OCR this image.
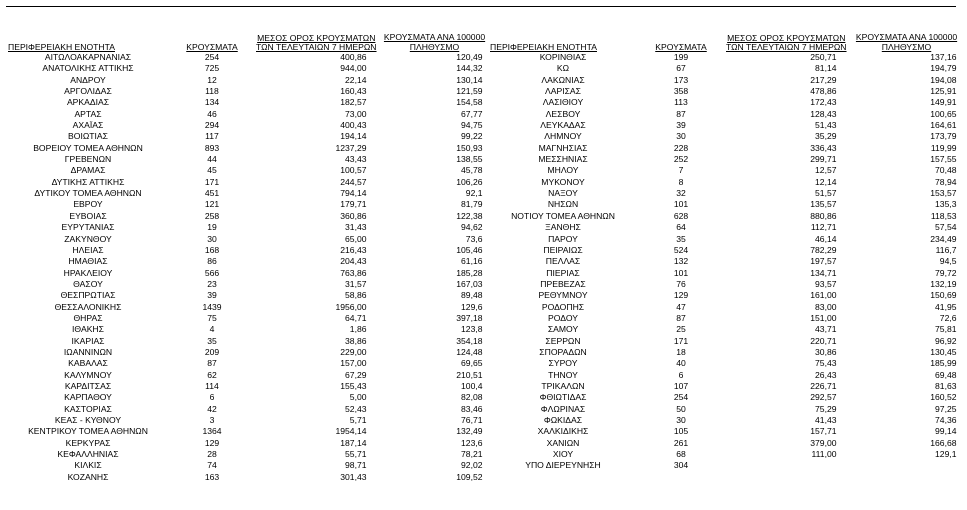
ΠΕΡΙΦΕΡΕΙΑΚΗ ΕΝΟΤΗΤΑ	ΚΡΟΥΣΜΑΤΑ	ΜΕΣΟΣ ΟΡΟΣ ΚΡΟΥΣΜΑΤΩΝ
ΤΩΝ ΤΕΛΕΥΤΑΙΩΝ 7 ΗΜΕΡΩΝ	ΚΡΟΥΣΜΑΤΑ ΑΝΑ 100000
ΠΛΗΘΥΣΜΟ
ΑΙΤΩΛΟΑΚΑΡΝΑΝΙΑΣ	254	400,86	120,49
ΑΝΑΤΟΛΙΚΗΣ ΑΤΤΙΚΗΣ	725	944,00	144,32
ΑΝΔΡΟΥ	12	22,14	130,14
ΑΡΓΟΛΙΔΑΣ	118	160,43	121,59
ΑΡΚΑΔΙΑΣ	134	182,57	154,58
ΑΡΤΑΣ	46	73,00	67,77
ΑΧΑΪΑΣ	294	400,43	94,75
ΒΟΙΩΤΙΑΣ	117	194,14	99,22
ΒΟΡΕΙΟΥ ΤΟΜΕΑ ΑΘΗΝΩΝ	893	1237,29	150,93
ΓΡΕΒΕΝΩΝ	44	43,43	138,55
ΔΡΑΜΑΣ	45	100,57	45,78
ΔΥΤΙΚΗΣ ΑΤΤΙΚΗΣ	171	244,57	106,26
ΔΥΤΙΚΟΥ ΤΟΜΕΑ ΑΘΗΝΩΝ	451	794,14	92,1
ΕΒΡΟΥ	121	179,71	81,79
ΕΥΒΟΙΑΣ	258	360,86	122,38
ΕΥΡΥΤΑΝΙΑΣ	19	31,43	94,62
ΖΑΚΥΝΘΟΥ	30	65,00	73,6
ΗΛΕΙΑΣ	168	216,43	105,46
ΗΜΑΘΙΑΣ	86	204,43	61,16
ΗΡΑΚΛΕΙΟΥ	566	763,86	185,28
ΘΑΣΟΥ	23	31,57	167,03
ΘΕΣΠΡΩΤΙΑΣ	39	58,86	89,48
ΘΕΣΣΑΛΟΝΙΚΗΣ	1439	1956,00	129,6
ΘΗΡΑΣ	75	64,71	397,18
ΙΘΑΚΗΣ	4	1,86	123,8
ΙΚΑΡΙΑΣ	35	38,86	354,18
ΙΩΑΝΝΙΝΩΝ	209	229,00	124,48
ΚΑΒΑΛΑΣ	87	157,00	69,65
ΚΑΛΥΜΝΟΥ	62	67,29	210,51
ΚΑΡΔΙΤΣΑΣ	114	155,43	100,4
ΚΑΡΠΑΘΟΥ	6	5,00	82,08
ΚΑΣΤΟΡΙΑΣ	42	52,43	83,46
ΚΕΑΣ - ΚΥΘΝΟΥ	3	5,71	76,71
ΚΕΝΤΡΙΚΟΥ ΤΟΜΕΑ ΑΘΗΝΩΝ	1364	1954,14	132,49
ΚΕΡΚΥΡΑΣ	129	187,14	123,6
ΚΕΦΑΛΛΗΝΙΑΣ	28	55,71	78,21
ΚΙΛΚΙΣ	74	98,71	92,02
ΚΟΖΑΝΗΣ	163	301,43	109,52
ΠΕΡΙΦΕΡΕΙΑΚΗ ΕΝΟΤΗΤΑ	ΚΡΟΥΣΜΑΤΑ	ΜΕΣΟΣ ΟΡΟΣ ΚΡΟΥΣΜΑΤΩΝ
ΤΩΝ ΤΕΛΕΥΤΑΙΩΝ 7 ΗΜΕΡΩΝ	ΚΡΟΥΣΜΑΤΑ ΑΝΑ 100000
ΠΛΗΘΥΣΜΟ
ΚΟΡΙΝΘΙΑΣ	199	250,71	137,16
ΚΩ	67	81,14	194,79
ΛΑΚΩΝΙΑΣ	173	217,29	194,08
ΛΑΡΙΣΑΣ	358	478,86	125,91
ΛΑΣΙΘΙΟΥ	113	172,43	149,91
ΛΕΣΒΟΥ	87	128,43	100,65
ΛΕΥΚΑΔΑΣ	39	51,43	164,61
ΛΗΜΝΟΥ	30	35,29	173,79
ΜΑΓΝΗΣΙΑΣ	228	336,43	119,99
ΜΕΣΣΗΝΙΑΣ	252	299,71	157,55
ΜΗΛΟΥ	7	12,57	70,48
ΜΥΚΟΝΟΥ	8	12,14	78,94
ΝΑΞΟΥ	32	51,57	153,57
ΝΗΣΩΝ	101	135,57	135,3
ΝΟΤΙΟΥ ΤΟΜΕΑ ΑΘΗΝΩΝ	628	880,86	118,53
ΞΑΝΘΗΣ	64	112,71	57,54
ΠΑΡΟΥ	35	46,14	234,49
ΠΕΙΡΑΙΩΣ	524	782,29	116,7
ΠΕΛΛΑΣ	132	197,57	94,5
ΠΙΕΡΙΑΣ	101	134,71	79,72
ΠΡΕΒΕΖΑΣ	76	93,57	132,19
ΡΕΘΥΜΝΟΥ	129	161,00	150,69
ΡΟΔΟΠΗΣ	47	83,00	41,95
ΡΟΔΟΥ	87	151,00	72,6
ΣΑΜΟΥ	25	43,71	75,81
ΣΕΡΡΩΝ	171	220,71	96,92
ΣΠΟΡΑΔΩΝ	18	30,86	130,45
ΣΥΡΟΥ	40	75,43	185,99
ΤΗΝΟΥ	6	26,43	69,48
ΤΡΙΚΑΛΩΝ	107	226,71	81,63
ΦΘΙΩΤΙΔΑΣ	254	292,57	160,52
ΦΛΩΡΙΝΑΣ	50	75,29	97,25
ΦΩΚΙΔΑΣ	30	41,43	74,36
ΧΑΛΚΙΔΙΚΗΣ	105	157,71	99,14
ΧΑΝΙΩΝ	261	379,00	166,68
ΧΙΟΥ	68	111,00	129,1
ΥΠΟ ΔΙΕΡΕΥΝΗΣΗ	304		
